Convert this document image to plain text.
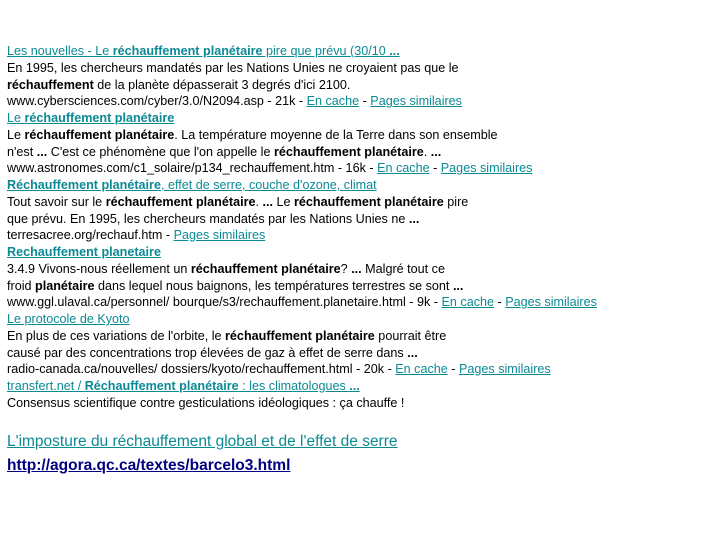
Les nouvelles - Le réchauffement planétaire pire que prévu (30/10 ...
En 1995, les chercheurs mandatés par les Nations Unies ne croyaient pas que le
réchauffement de la planète dépasserait 3 degrés d'ici 2100.
www.cybersciences.com/cyber/3.0/N2094.asp - 21k - En cache - Pages similaires
Le réchauffement planétaire
Le réchauffement planétaire. La température moyenne de la Terre dans son ensemble
n'est ... C'est ce phénomène que l'on appelle le réchauffement planétaire. ...
www.astronomes.com/c1_solaire/p134_rechauffement.htm - 16k - En cache - Pages similaires
Réchauffement planétaire, effet de serre, couche d'ozone, climat
Tout savoir sur le réchauffement planétaire. ... Le réchauffement planétaire pire
que prévu. En 1995, les chercheurs mandatés par les Nations Unies ne ...
terresacree.org/rechauf.htm - Pages similaires
Rechauffement planetaire
3.4.9 Vivons-nous réellement un réchauffement planétaire? ... Malgré tout ce
froid planétaire dans lequel nous baignons, les températures terrestres se sont ...
www.ggl.ulaval.ca/personnel/ bourque/s3/rechauffement.planetaire.html - 9k - En cache - Pages similaires
Le protocole de Kyoto
En plus de ces variations de l'orbite, le réchauffement planétaire pourrait être
causé par des concentrations trop élevées de gaz à effet de serre dans ...
radio-canada.ca/nouvelles/ dossiers/kyoto/rechauffement.html - 20k - En cache - Pages similaires
transfert.net / Réchauffement planétaire : les climatologues ...
Consensus scientifique contre gesticulations idéologiques : ça chauffe !
L'imposture du réchauffement global et de l'effet de serre
http://agora.qc.ca/textes/barcelo3.html
